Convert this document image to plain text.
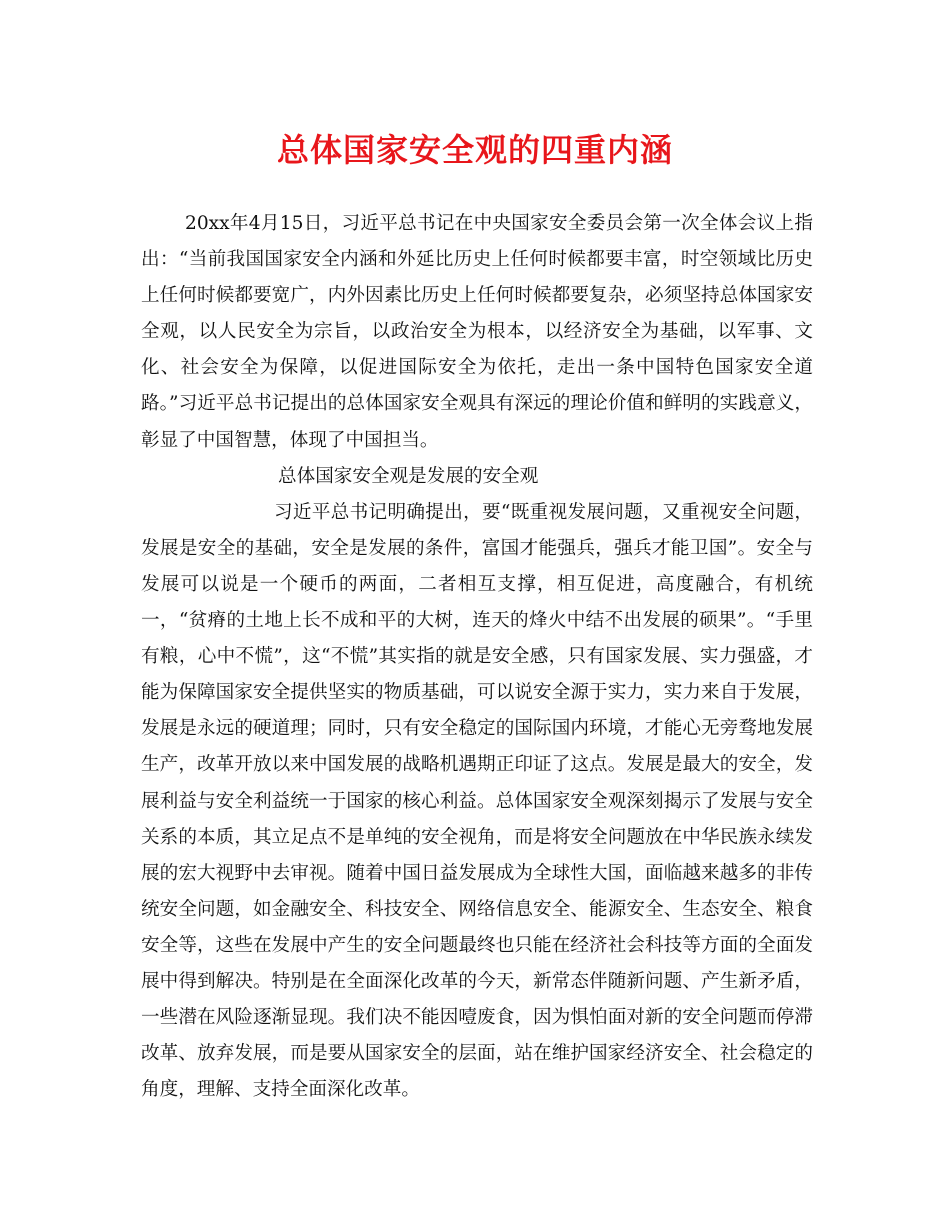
总体国家安全观的四重内涵

20xx年4月15日，习近平总书记在中央国家安全委员会第一次全体会议上指出：“当前我国国家安全内涵和外延比历史上任何时候都要丰富，时空领域比历史上任何时候都要宽广，内外因素比历史上任何时候都要复杂，必须坚持总体国家安全观，以人民安全为宗旨，以政治安全为根本，以经济安全为基础，以军事、文化、社会安全为保障，以促进国际安全为依托，走出一条中国特色国家安全道路。”习近平总书记提出的总体国家安全观具有深远的理论价值和鲜明的实践意义，彰显了中国智慧，体现了中国担当。

总体国家安全观是发展的安全观

习近平总书记明确提出，要“既重视发展问题，又重视安全问题，发展是安全的基础，安全是发展的条件，富国才能强兵，强兵才能卫国”。安全与发展可以说是一个硬币的两面，二者相互支撑，相互促进，高度融合，有机统一，“贫瘠的土地上长不成和平的大树，连天的烽火中结不出发展的硕果”。“手里有粮，心中不慌”，这“不慌”其实指的就是安全感，只有国家发展、实力强盛，才能为保障国家安全提供坚实的物质基础，可以说安全源于实力，实力来自于发展，发展是永远的硬道理；同时，只有安全稳定的国际国内环境，才能心无旁骛地发展生产，改革开放以来中国发展的战略机遇期正印证了这点。发展是最大的安全，发展利益与安全利益统一于国家的核心利益。总体国家安全观深刻揭示了发展与安全关系的本质，其立足点不是单纯的安全视角，而是将安全问题放在中华民族永续发展的宏大视野中去审视。随着中国日益发展成为全球性大国，面临越来越多的非传统安全问题，如金融安全、科技安全、网络信息安全、能源安全、生态安全、粮食安全等，这些在发展中产生的安全问题最终也只能在经济社会科技等方面的全面发展中得到解决。特别是在全面深化改革的今天，新常态伴随新问题、产生新矛盾，一些潜在风险逐渐显现。我们决不能因噎废食，因为惧怕面对新的安全问题而停滞改革、放弃发展，而是要从国家安全的层面，站在维护国家经济安全、社会稳定的角度，理解、支持全面深化改革。
